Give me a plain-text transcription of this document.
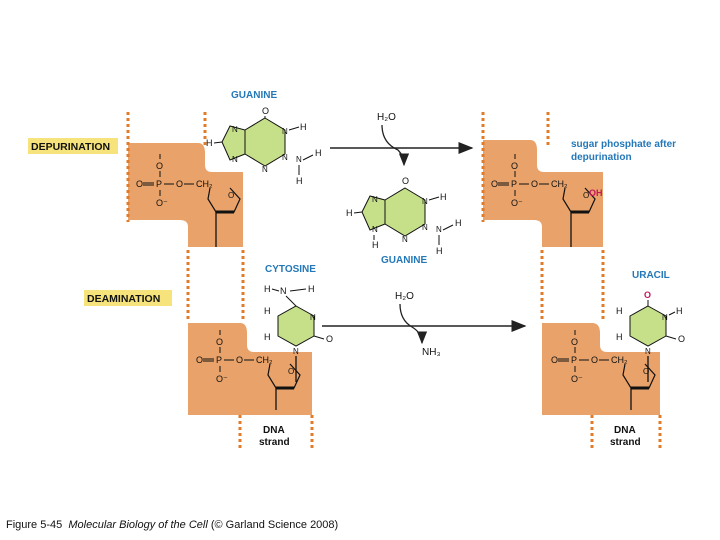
DEPURINATION
DEAMINATION
H₂O
H₂O
NH₃
GUANINE
GUANINE
CYTOSINE
URACIL
sugar phosphate after
depurination
DNA
strand
DNA
strand
O
O P O CH₂
O⁻
O
O
O P O CH₂
O⁻
O OH
O
O P O CH₂
O⁻
O
O
O P O CH₂
O⁻
O
O
N H
N N
H
H
N
N
N
H
O
N H
N N
H
H
N
N
N
H
H
H N H
H
N
O
H
N
O
H
N
H
O
H
N
Figure 5-45 Molecular Biology of the Cell (© Garland Science 2008)
